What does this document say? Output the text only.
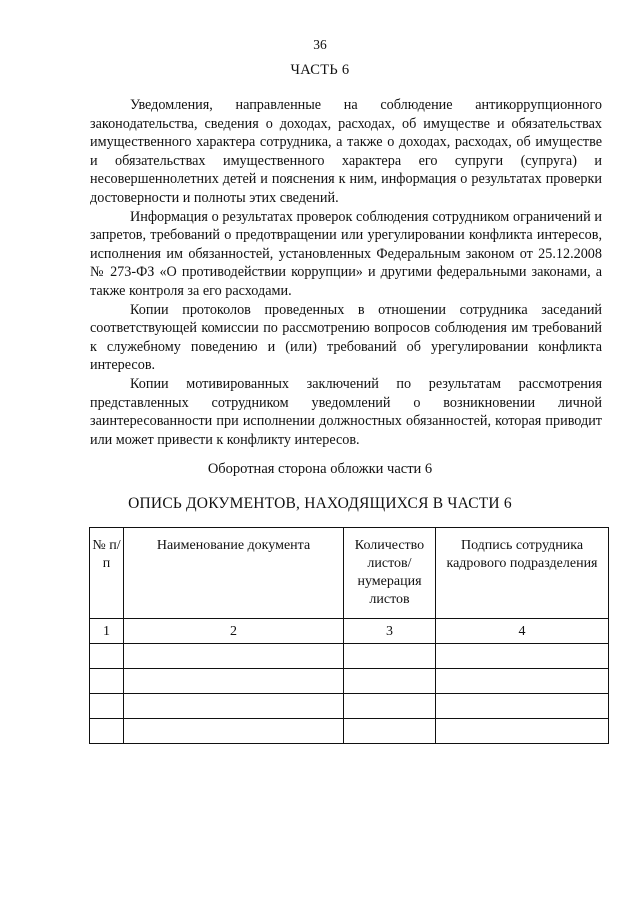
36
ЧАСТЬ 6

Уведомления, направленные на соблюдение антикоррупционного законодательства, сведения о доходах, расходах, об имуществе и обязательствах имущественного характера сотрудника, а также о доходах, расходах, об имуществе и обязательствах имущественного характера его супруги (супруга) и несовершеннолетних детей и пояснения к ним, информация о результатах проверки достоверности и полноты этих сведений.

Информация о результатах проверок соблюдения сотрудником ограничений и запретов, требований о предотвращении или урегулировании конфликта интересов, исполнения им обязанностей, установленных Федеральным законом от 25.12.2008 № 273-ФЗ «О противодействии коррупции» и другими федеральными законами, а также контроля за его расходами.

Копии протоколов проведенных в отношении сотрудника заседаний соответствующей комиссии по рассмотрению вопросов соблюдения им требований к служебному поведению и (или) требований об урегулировании конфликта интересов.

Копии мотивированных заключений по результатам рассмотрения представленных сотрудником уведомлений о возникновении личной заинтересованности при исполнении должностных обязанностей, которая приводит или может привести к конфликту интересов.

Оборотная сторона обложки части 6
ОПИСЬ ДОКУМЕНТОВ, НАХОДЯЩИХСЯ В ЧАСТИ 6
№ п/п	Наименование документа	Количество листов/ нумерация листов	Подпись сотрудника кадрового подразделения
1	2	3	4
